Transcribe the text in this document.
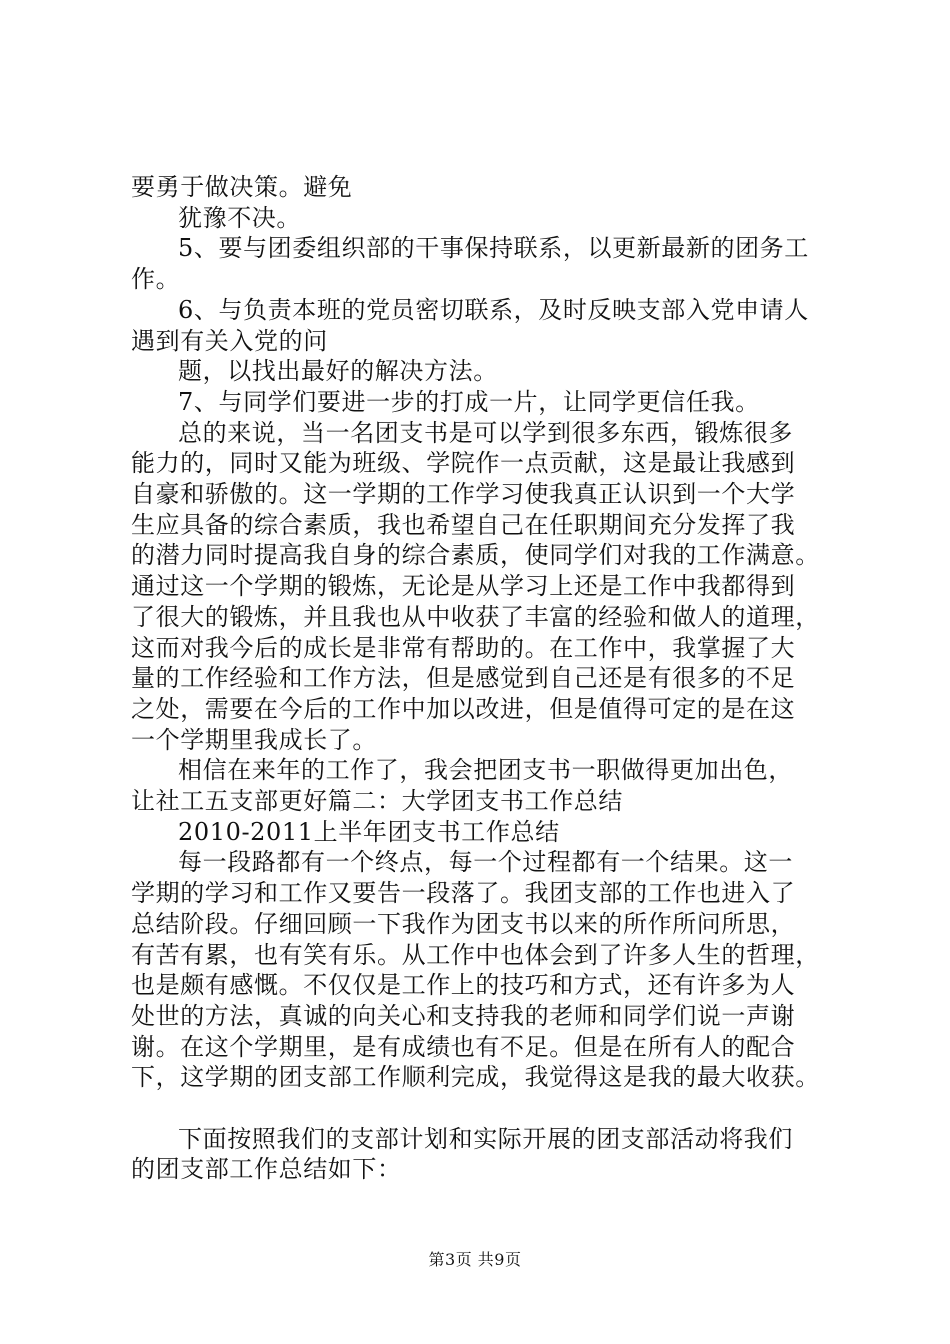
要勇于做决策。避免
犹豫不决。
5、要与团委组织部的干事保持联系，以更新最新的团务工
作。
6、与负责本班的党员密切联系，及时反映支部入党申请人
遇到有关入党的问
题，以找出最好的解决方法。
7、与同学们要进一步的打成一片，让同学更信任我。
总的来说，当一名团支书是可以学到很多东西，锻炼很多
能力的，同时又能为班级、学院作一点贡献，这是最让我感到
自豪和骄傲的。这一学期的工作学习使我真正认识到一个大学
生应具备的综合素质，我也希望自己在任职期间充分发挥了我
的潜力同时提高我自身的综合素质，使同学们对我的工作满意。
通过这一个学期的锻炼，无论是从学习上还是工作中我都得到
了很大的锻炼，并且我也从中收获了丰富的经验和做人的道理，
这而对我今后的成长是非常有帮助的。在工作中，我掌握了大
量的工作经验和工作方法，但是感觉到自己还是有很多的不足
之处，需要在今后的工作中加以改进，但是值得可定的是在这
一个学期里我成长了。
相信在来年的工作了，我会把团支书一职做得更加出色，
让社工五支部更好篇二：大学团支书工作总结
2010-2011上半年团支书工作总结
每一段路都有一个终点，每一个过程都有一个结果。这一
学期的学习和工作又要告一段落了。我团支部的工作也进入了
总结阶段。仔细回顾一下我作为团支书以来的所作所问所思，
有苦有累，也有笑有乐。从工作中也体会到了许多人生的哲理，
也是颇有感慨。不仅仅是工作上的技巧和方式，还有许多为人
处世的方法，真诚的向关心和支持我的老师和同学们说一声谢
谢。在这个学期里，是有成绩也有不足。但是在所有人的配合
下，这学期的团支部工作顺利完成，我觉得这是我的最大收获。
下面按照我们的支部计划和实际开展的团支部活动将我们
的团支部工作总结如下：
第3页 共9页
